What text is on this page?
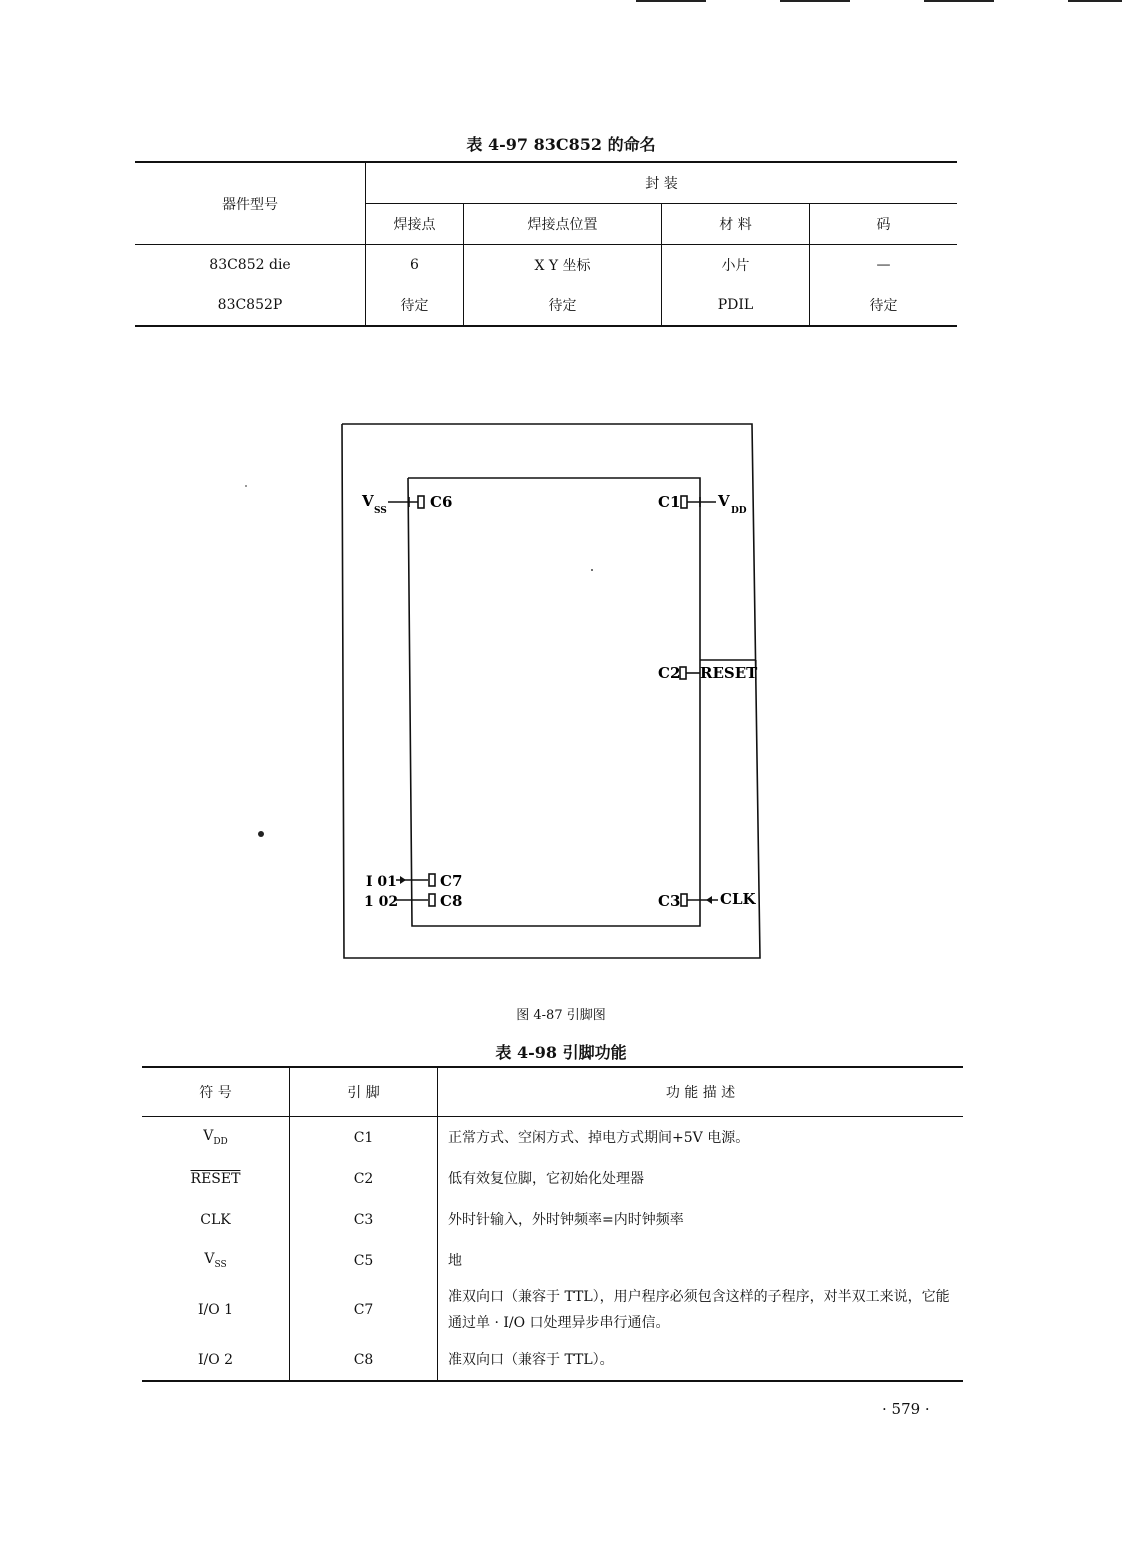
表 4-97 83C852 的命名
器件型号	封 装			
	焊接点	焊接点位置	材 料	码
83C852 die	6	X Y 坐标	小片	—
83C852P	待定	待定	PDIL	待定
V
SS	C6	C1	V
DD
C2 RESET
I 01	C7
1 02	C8	C3	CLK
图 4-87 引脚图
表 4-98 引脚功能
符 号	引 脚	功 能 描 述
$V_{DD}$	C1	正常方式、空闲方式、掉电方式期间+5V 电源。
RESET	C2	低有效复位脚，它初始化处理器
CLK	C3	外时针输入，外时钟频率=内时钟频率
$V_{SS}$	C5	地
I/O 1	C7	准双向口（兼容于 TTL），用户程序必须包含这样的子程序，对半双工来说，它能通过单 · I/O 口处理异步串行通信。
I/O 2	C8	准双向口（兼容于 TTL）。
· 579 ·
